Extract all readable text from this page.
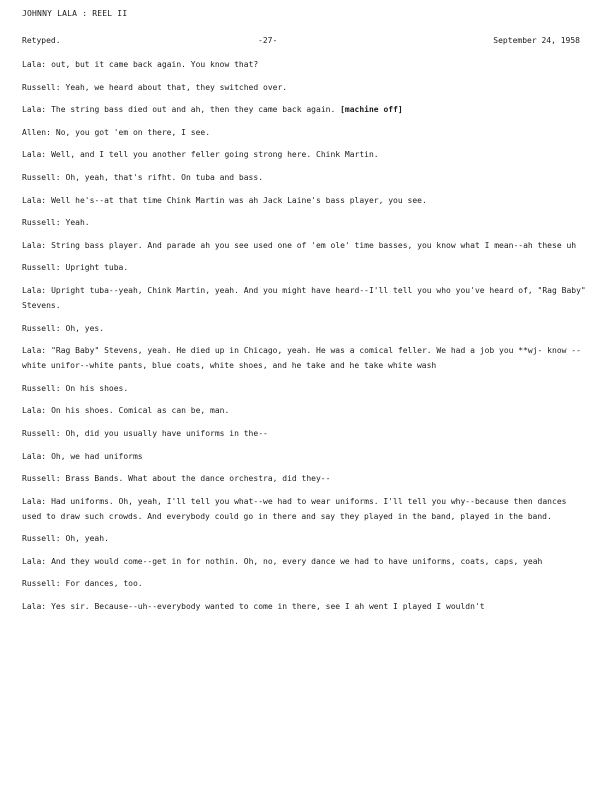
JOHNNY LALA : REEL II
Retyped.	-27-	September 24, 1958

Lala: out, but it came back again. You know that?

Russell: Yeah, we heard about that, they switched over.

Lala: The string bass died out and ah, then they came back again. [machine off]

Allen: No, you got 'em on there, I see.

Lala: Well, and I tell you another feller going strong here. Chink Martin.

Russell: Oh, yeah, that's rifht. On tuba and bass.

Lala: Well he's--at that time Chink Martin was ah Jack Laine's bass player, you see.

Russell: Yeah.

Lala: String bass player. And parade ah you see used one of 'em ole' time basses, you know what I mean--ah these uh

Russell: Upright tuba.

Lala: Upright tuba--yeah, Chink Martin, yeah. And you might have heard--I'll tell you who you've heard of, "Rag Baby" Stevens.

Russell: Oh, yes.

Lala: "Rag Baby" Stevens, yeah. He died up in Chicago, yeah. He was a comical feller. We had a job you **wj- know --white unifor--white pants, blue coats, white shoes, and he take and he take white wash

Russell: On his shoes.

Lala: On his shoes. Comical as can be, man.

Russell: Oh, did you usually have uniforms in the--

Lala: Oh, we had uniforms

Russell: Brass Bands. What about the dance orchestra, did they--

Lala: Had uniforms. Oh, yeah, I'll tell you what--we had to wear uniforms. I'll tell you why--because then dances used to draw such crowds. And everybody could go in there and say they played in the band, played in the band.

Russell: Oh, yeah.

Lala: And they would come--get in for nothin. Oh, no, every dance we had to have uniforms, coats, caps, yeah

Russell: For dances, too.

Lala: Yes sir. Because--uh--everybody wanted to come in there, see I ah went I played I wouldn't
